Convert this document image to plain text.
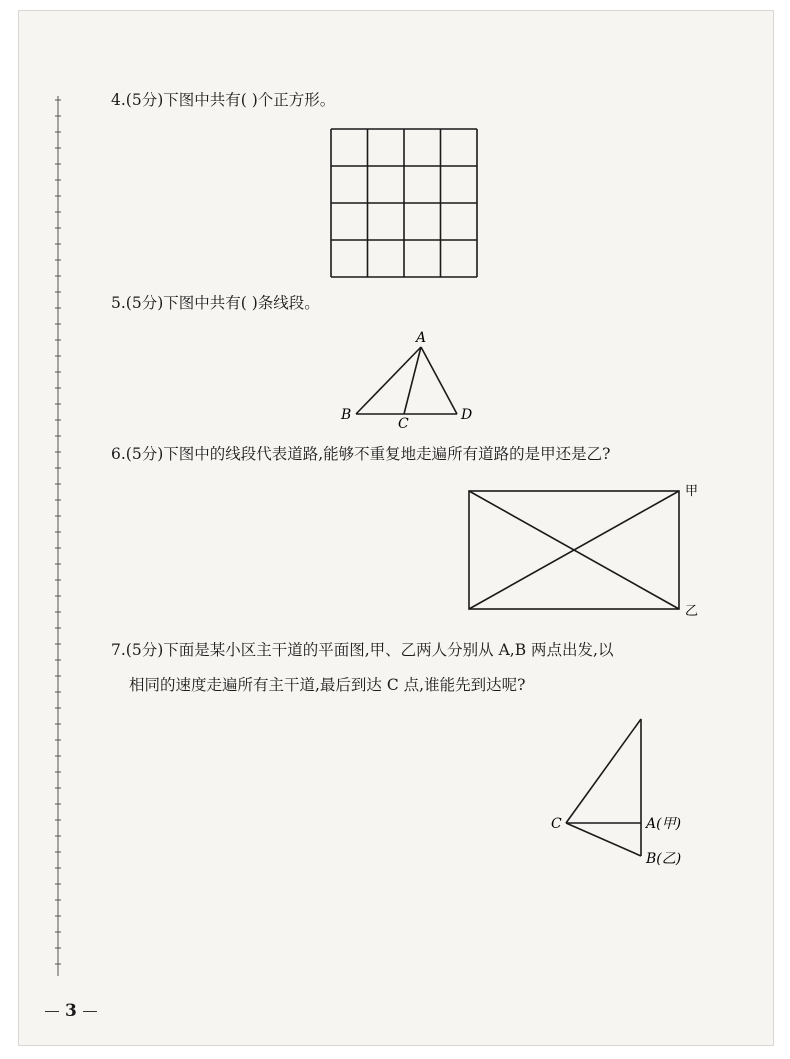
4.(5分)下图中共有( )个正方形。
5.(5分)下图中共有( )条线段。
A
B
C
D
6.(5分)下图中的线段代表道路,能够不重复地走遍所有道路的是甲还是乙?
甲
乙
7.(5分)下面是某小区主干道的平面图,甲、乙两人分别从 A,B 两点出发,以
相同的速度走遍所有主干道,最后到达 C 点,谁能先到达呢?
C	A(甲)
B(乙)
3
